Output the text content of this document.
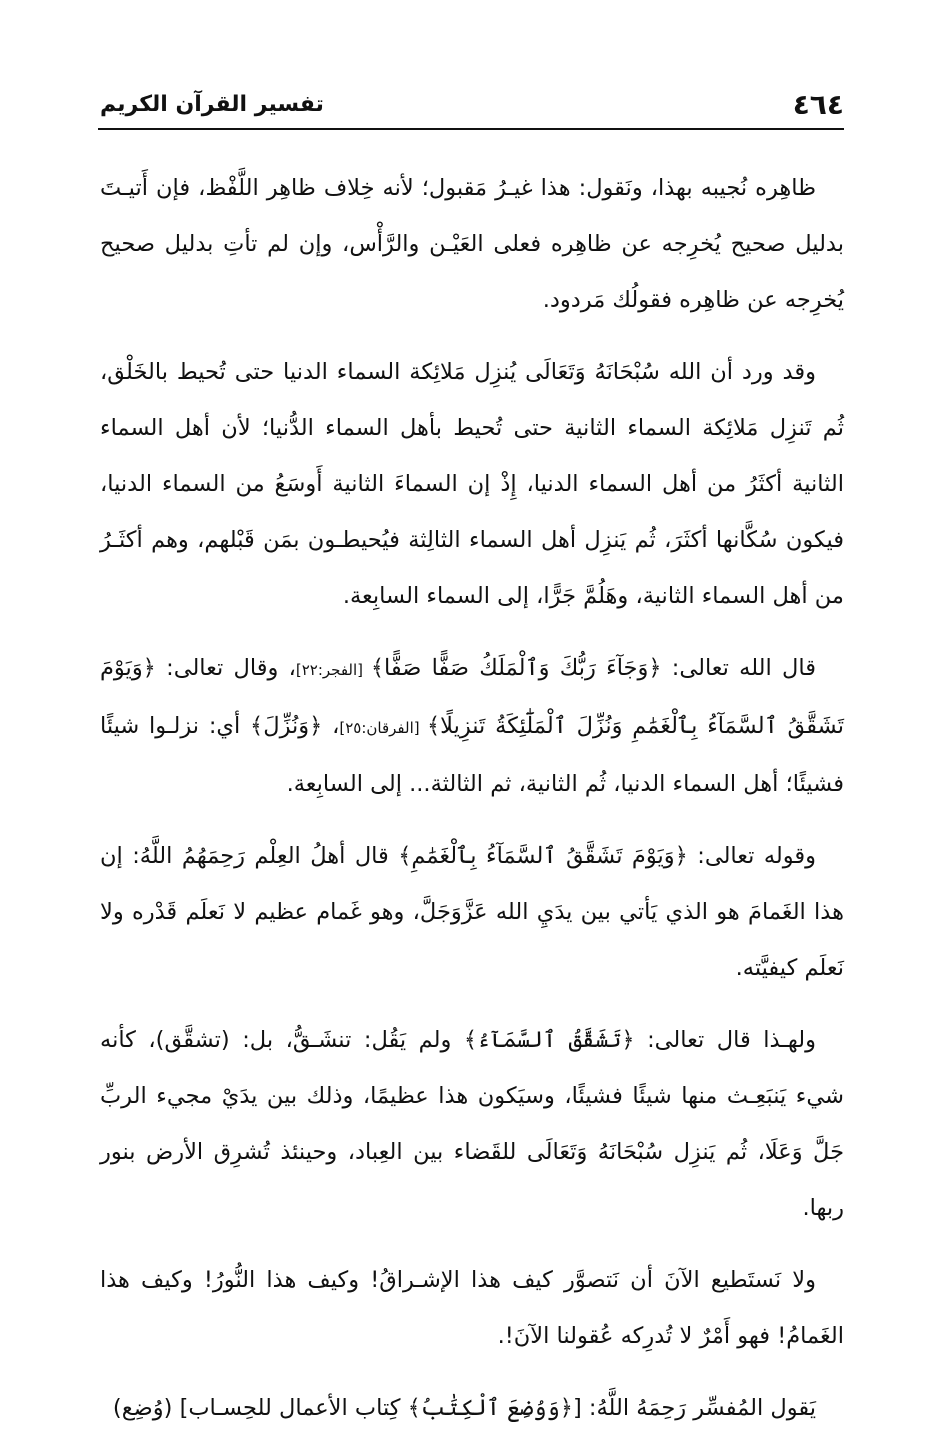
٤٦٤
تفسير القرآن الكريم

ظاهِره نُجيبه بهذا، ونَقول: هذا غيـرُ مَقبول؛ لأنه خِلاف ظاهِر اللَّفْظ، فإن أَتيـتَ بدليل صحيح يُخرِجه عن ظاهِره فعلى العَيْـن والرَّأْس، وإن لم تأتِ بدليل صحيح يُخرِجه عن ظاهِره فقولُك مَردود.

وقد ورد أن الله سُبْحَانَهُ وَتَعَالَى يُنزِل مَلائِكة السماء الدنيا حتى تُحيط بالخَلْق، ثُم تَنزِل مَلائِكة السماء الثانية حتى تُحيط بأهل السماء الدُّنيا؛ لأن أهل السماء الثانية أكثَرُ من أهل السماء الدنيا، إِذْ إن السماءَ الثانية أَوسَعُ من السماء الدنيا، فيكون سُكَّانها أكثَرَ، ثُم يَنزِل أهل السماء الثالِثة فيُحيطـون بمَن قَبْلهم، وهم أكثَـرُ من أهل السماء الثانية، وهَلُمَّ جَرًّا، إلى السماء السابِعة.

قال الله تعالى: ﴿وَجَآءَ رَبُّكَ وَٱلْمَلَكُ صَفًّا صَفًّا﴾ [الفجر:٢٢]، وقال تعالى: ﴿وَيَوْمَ تَشَقَّقُ ٱلسَّمَآءُ بِٱلْغَمَٰمِ وَنُزِّلَ ٱلْمَلَٰٓئِكَةُ تَنزِيلًا﴾ [الفرقان:٢٥]، ﴿وَنُزِّلَ﴾ أي: نزلـوا شيئًا فشيئًا؛ أهل السماء الدنيا، ثُم الثانية، ثم الثالثة... إلى السابِعة.

وقوله تعالى: ﴿وَيَوْمَ تَشَقَّقُ ٱلسَّمَآءُ بِٱلْغَمَٰمِ﴾ قال أهلُ العِلْم رَحِمَهُمُ اللَّهُ: إن هذا الغَمامَ هو الذي يَأتي بين يدَيِ الله عَزَّوَجَلَّ، وهو غَمام عظيم لا نَعلَم قَدْره ولا نَعلَم كيفيَّته.

ولهـذا قال تعالى: ﴿تَشَقَّقُ ٱلسَّمَآءُ﴾ ولم يَقُل: تنشَـقُّ، بل: (تشقَّق)، كأنه شيء يَنبَعِـث منها شيئًا فشيئًا، وسيَكون هذا عظيمًا، وذلك بين يدَيْ مجيء الربِّ جَلَّ وَعَلَا، ثُم يَنزِل سُبْحَانَهُ وَتَعَالَى للقَضاء بين العِباد، وحينئذ تُشرِق الأرض بنور ربها.

ولا نَستَطيع الآنَ أن نَتصوَّر كيف هذا الإشـراقُ! وكيف هذا النُّورُ! وكيف هذا الغَمامُ! فهو أَمْرٌ لا تُدرِكه عُقولنا الآنَ!.

يَقول المُفسِّر رَحِمَهُ اللَّهُ: [﴿وَوُضِعَ ٱلْكِتَٰبُ﴾ كِتاب الأعمال للحِسـاب] (وُضِع)
